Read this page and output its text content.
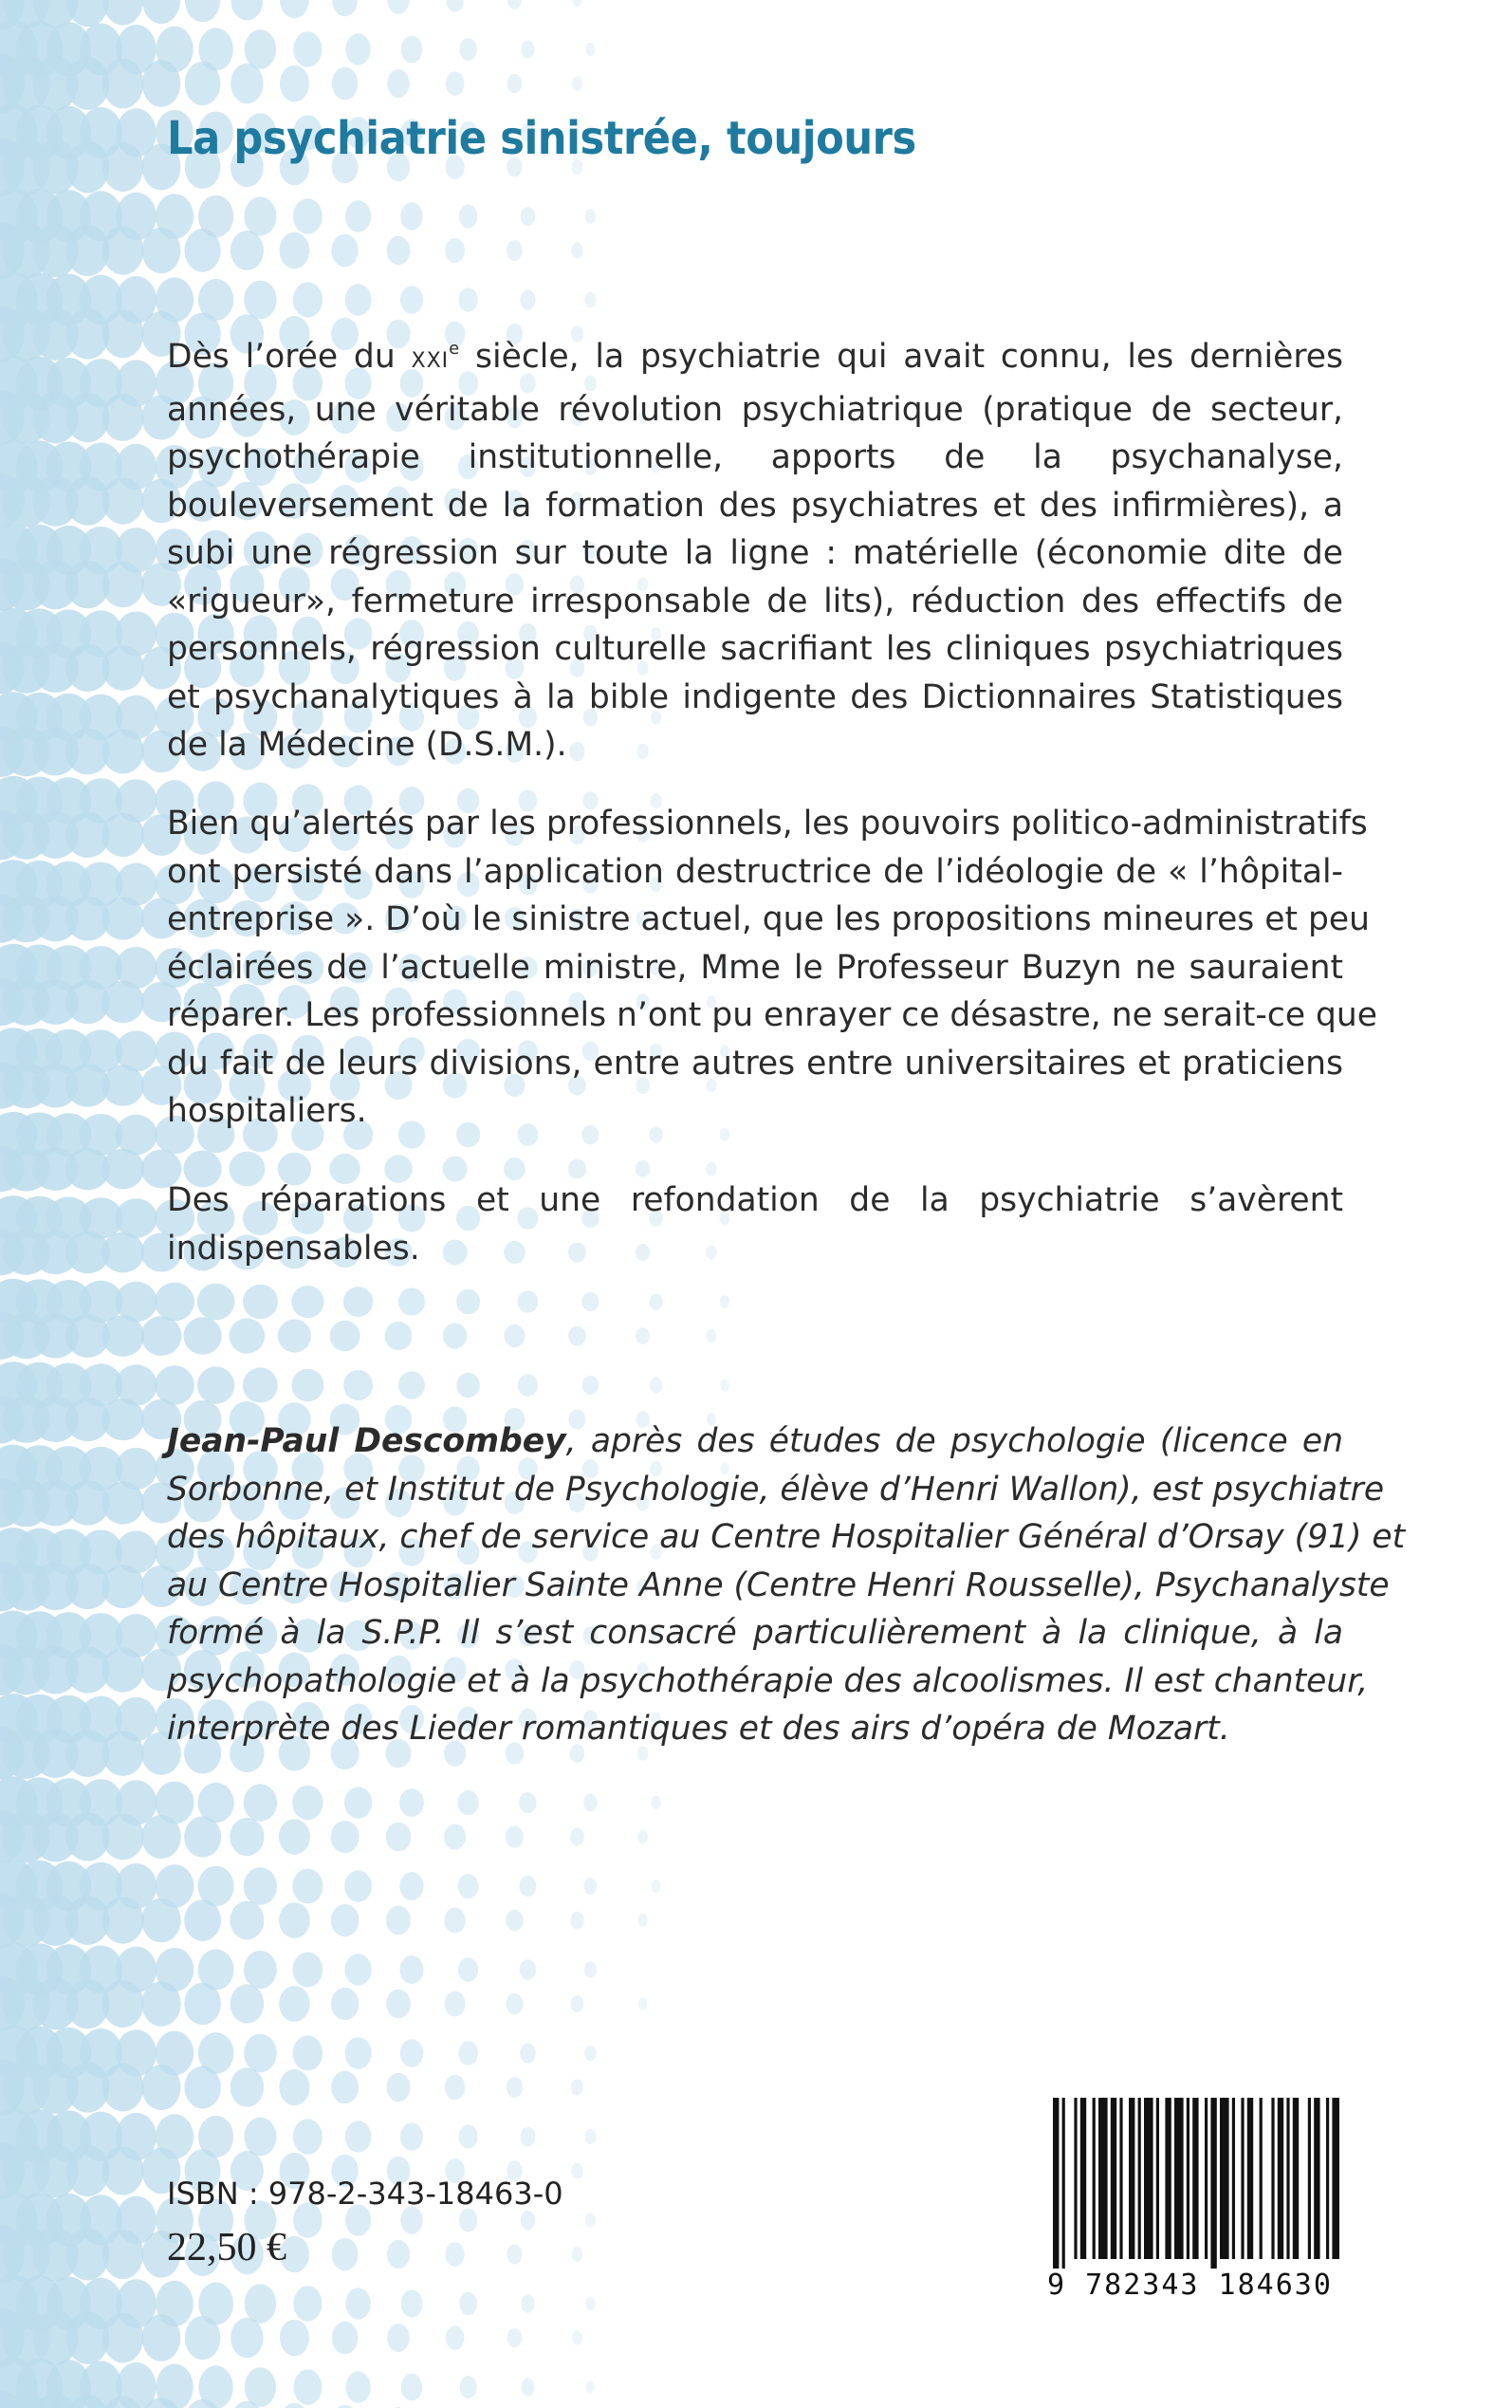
La psychiatrie sinistrée, toujours
Dès l’orée du XXIe siècle, la psychiatrie qui avait connu, les dernières
années, une véritable révolution psychiatrique (pratique de secteur,
psychothérapie institutionnelle, apports de la psychanalyse,
bouleversement de la formation des psychiatres et des infirmières), a
subi une régression sur toute la ligne : matérielle (économie dite de
«rigueur», fermeture irresponsable de lits), réduction des effectifs de
personnels, régression culturelle sacrifiant les cliniques psychiatriques
et psychanalytiques à la bible indigente des Dictionnaires Statistiques
de la Médecine (D.S.M.).
Bien qu’alertés par les professionnels, les pouvoirs politico-administratifs
ont persisté dans l’application destructrice de l’idéologie de « l’hôpital-
entreprise ». D’où le sinistre actuel, que les propositions mineures et peu
éclairées de l’actuelle ministre, Mme le Professeur Buzyn ne sauraient
réparer. Les professionnels n’ont pu enrayer ce désastre, ne serait-ce que
du fait de leurs divisions, entre autres entre universitaires et praticiens
hospitaliers.
Des réparations et une refondation de la psychiatrie s’avèrent
indispensables.
Jean-Paul Descombey, après des études de psychologie (licence en
Sorbonne, et Institut de Psychologie, élève d’Henri Wallon), est psychiatre
des hôpitaux, chef de service au Centre Hospitalier Général d’Orsay (91) et
au Centre Hospitalier Sainte Anne (Centre Henri Rousselle), Psychanalyste
formé à la S.P.P. Il s’est consacré particulièrement à la clinique, à la
psychopathologie et à la psychothérapie des alcoolismes. Il est chanteur,
interprète des Lieder romantiques et des airs d’opéra de Mozart.
ISBN : 978-2-343-18463-0
22,50 €
9 782343 184630
